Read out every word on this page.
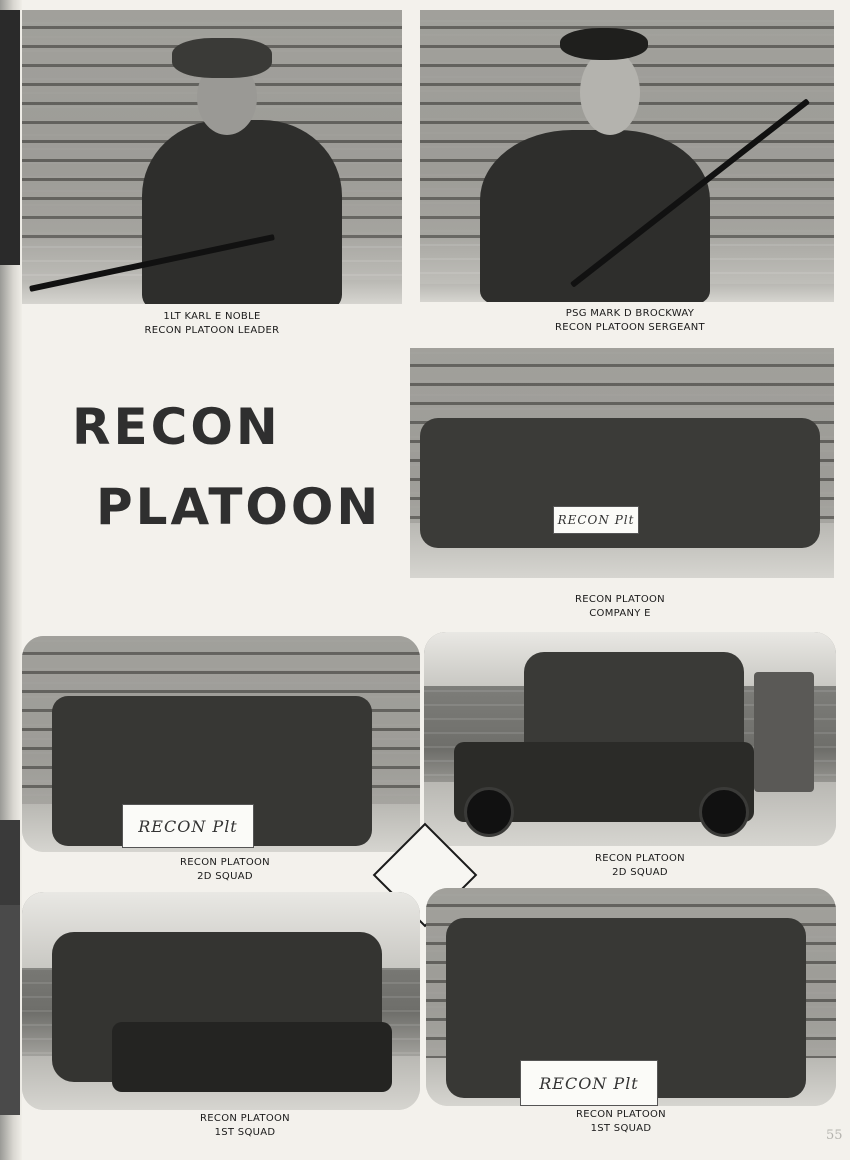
1LT KARL E NOBLE
RECON PLATOON LEADER
PSG MARK D BROCKWAY
RECON PLATOON SERGEANT
RECON
PLATOON	RECON Plt
RECON PLATOON
COMPANY E
RECON Plt
RECON PLATOON
2D SQUAD
RECON PLATOON
2D SQUAD
RECON PLATOON
1ST SQUAD
RECON Plt
RECON PLATOON
1ST SQUAD	55
